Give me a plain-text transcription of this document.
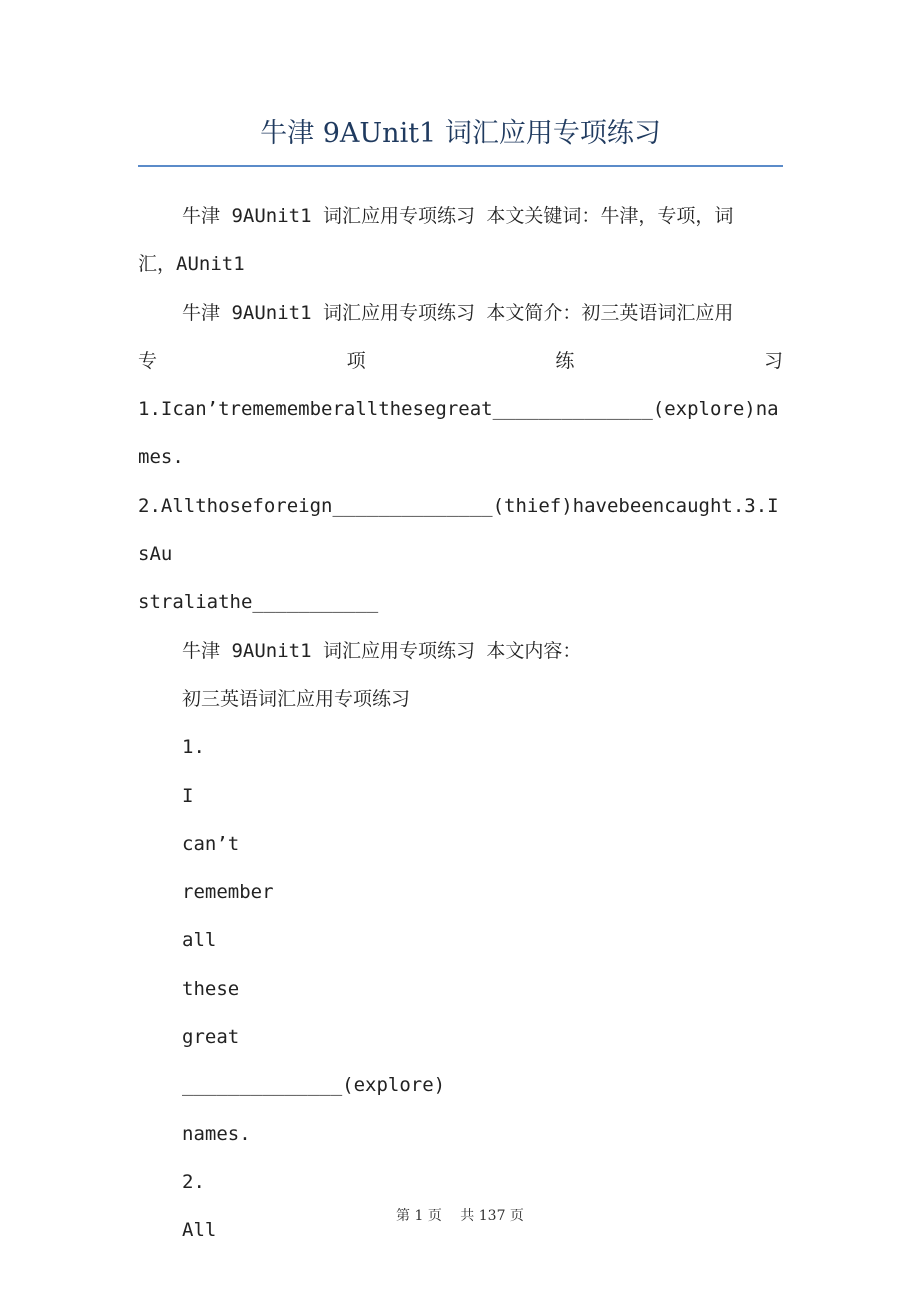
牛津 9AUnit1 词汇应用专项练习

牛津 9AUnit1 词汇应用专项练习 本文关键词：牛津，专项，词

汇，AUnit1

牛津 9AUnit1 词汇应用专项练习 本文简介：初三英语词汇应用

专	项	练	习

1.Ican’tremememberallthesegreat______________(explore)names.

2.Allthoseforeign______________(thief)havebeencaught.3.IsAu

straliathe___________

牛津 9AUnit1 词汇应用专项练习 本文内容：

初三英语词汇应用专项练习

1.

I

can’t

remember

all

these

great

______________(explore)

names.

2.

All

第 1 页　 共 137 页
